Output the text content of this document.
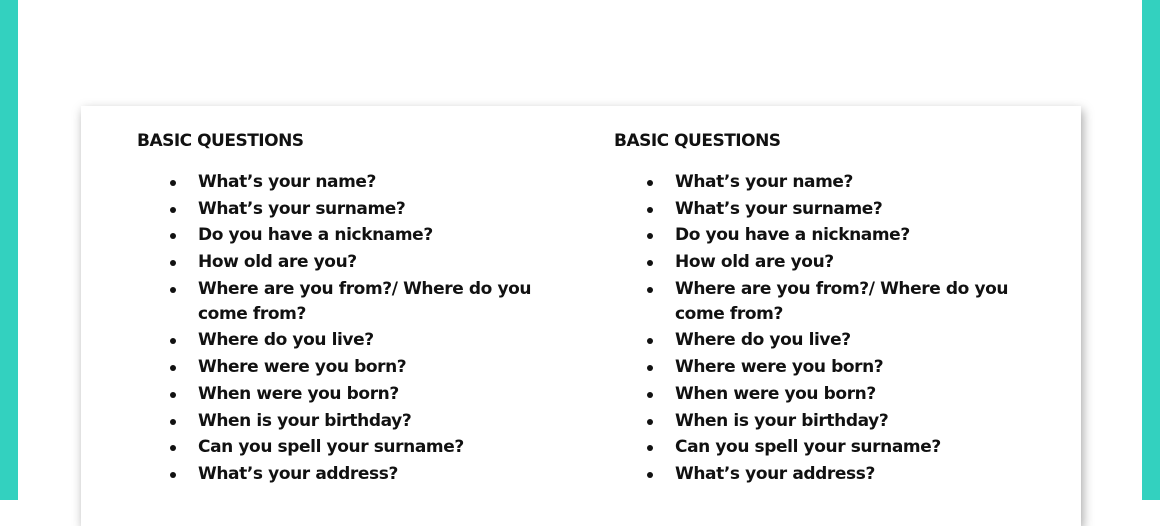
BASIC QUESTIONS
What’s your name?
What’s your surname?
Do you have a nickname?
How old are you?
Where are you from?/ Where do you come from?
Where do you live?
Where were you born?
When were you born?
When is your birthday?
Can you spell your surname?
What’s your address?
BASIC QUESTIONS
What’s your name?
What’s your surname?
Do you have a nickname?
How old are you?
Where are you from?/ Where do you come from?
Where do you live?
Where were you born?
When were you born?
When is your birthday?
Can you spell your surname?
What’s your address?
